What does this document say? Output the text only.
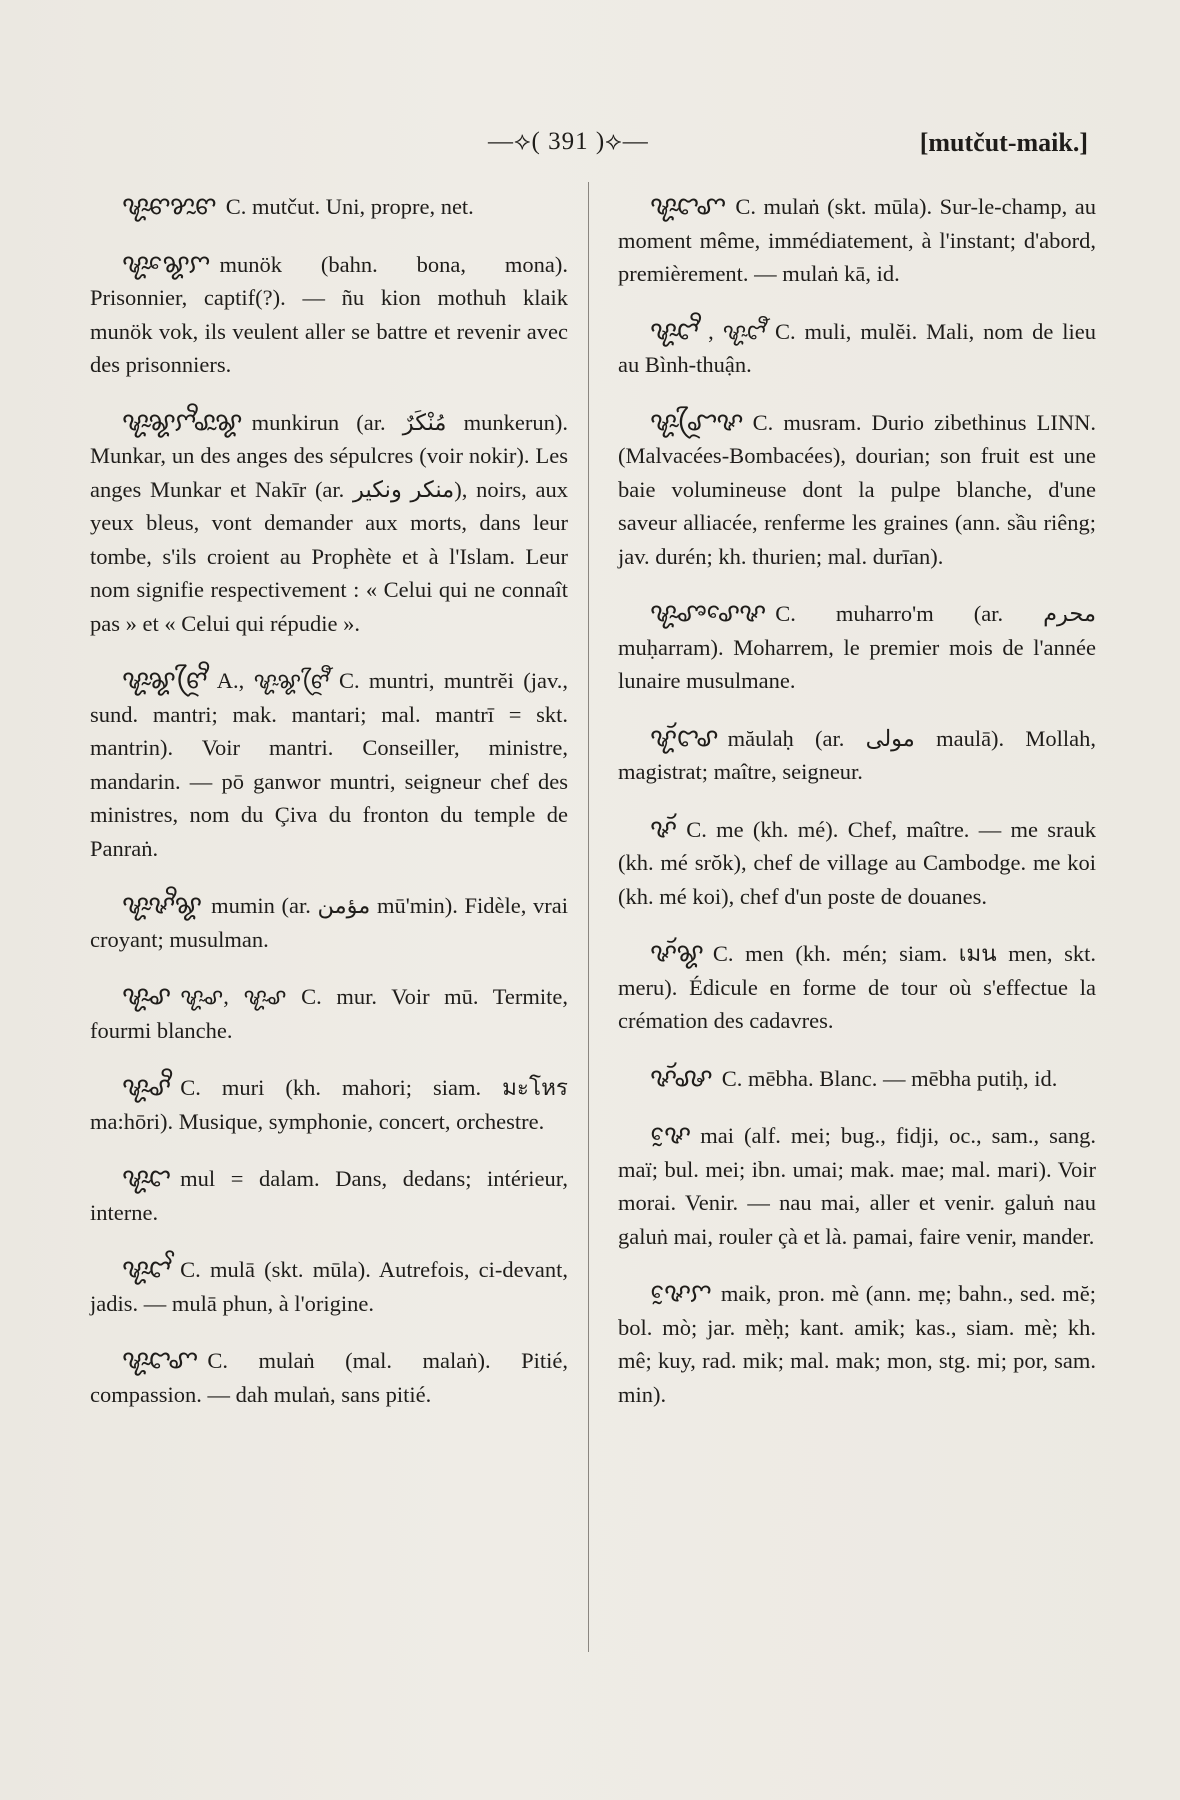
—⟡( 391 )⟡—	[mutčut-maik.]

ꨠꨭꨓꨌꨭꨓ C. mutčut. Uni, propre, net.

ꨠꨭꨘꨯꨆ munök (bahn. bona, mona). Prisonnier, captif(?). — ñu kion mothuh klaik munök vok, ils veulent aller se battre et revenir avec des prisonniers.

ꨠꨭꨘꨆꨪꨣꨭꨘ munkirun (ar. مُنْكَرٌ munkerun). Munkar, un des anges des sépulcres (voir nokir). Les anges Munkar et Nakīr (ar. منكر ونكير), noirs, aux yeux bleus, vont demander aux morts, dans leur tombe, s'ils croient au Prophète et à l'Islam. Leur nom signifie respectivement : « Celui qui ne connaît pas » et « Celui qui répudie ».

ꨠꨭꨘꨓꨴꨪ A., ꨠꨭꨘꨓꨴꨬ C. muntri, muntrĕi (jav., sund. mantri; mak. mantari; mal. mantrī = skt. mantrin). Voir mantri. Conseiller, ministre, mandarin. — pō ganwor muntri, seigneur chef des ministres, nom du Çiva du fronton du temple de Panraṅ.

ꨠꨭꨟꨪꨘ mumin (ar. مؤمن mū'min). Fidèle, vrai croyant; musulman.

ꨠꨭꨣ ꨠꨭꨣ, ꨠꨭꨣ C. mur. Voir mū. Termite, fourmi blanche.

ꨠꨭꨣꨪ C. muri (kh. mahori; siam. มะโหร ma:hōri). Musique, symphonie, concert, orchestre.

ꨠꨭꨤ mul = dalam. Dans, dedans; intérieur, interne.

ꨠꨭꨤꨩ C. mulā (skt. mūla). Autrefois, ci-devant, jadis. — mulā phun, à l'origine.

ꨠꨭꨤꨚ C. mulaṅ (mal. malaṅ). Pitié, compassion. — dah mulaṅ, sans pitié.

ꨠꨭꨤꨚ C. mulaṅ (skt. mūla). Sur-le-champ, au moment même, immédiatement, à l'instant; d'abord, premièrement. — mulaṅ kā, id.

ꨠꨭꨤꨪ , ꨠꨭꨤꨬ C. muli, mulĕi. Mali, nom de lieu au Bình-thuận.

ꨠꨭꨧꨴꨟ C. musram. Durio zibethinus LINN. (Malvacées-Bombacées), dourian; son fruit est une baie volumineuse dont la pulpe blanche, d'une saveur alliacée, renferme les graines (ann. sầu riêng; jav. durén; kh. thurien; mal. durīan).

ꨠꨭꨨꨣꨯꨟ C. muharro'm (ar. محرم muḥarram). Moharrem, le premier mois de l'année lunaire musulmane.

ꨠꨮꨤꨣ măulaḥ (ar. مولى maulā). Mollah, magistrat; maître, seigneur.

ꨟꨮ C. me (kh. mé). Chef, maître. — me srauk (kh. mé srŏk), chef de village au Cambodge. me koi (kh. mé koi), chef d'un poste de douanes.

ꨟꨮꨘ C. men (kh. mén; siam. เมน men, skt. meru). Édicule en forme de tour où s'effectue la crémation des cadavres.

ꨟꨮꨜ C. mēbha. Blanc. — mēbha putiḥ, id.

ꨟꨰ mai (alf. mei; bug., fidji, oc., sam., sang. maï; bul. mei; ibn. umai; mak. mae; mal. mari). Voir morai. Venir. — nau mai, aller et venir. galuṅ nau galuṅ mai, rouler çà et là. pamai, faire venir, mander.

ꨟꨰꨆ maik, pron. mè (ann. mẹ; bahn., sed. mĕ; bol. mò; jar. mèḥ; kant. amik; kas., siam. mè; kh. mê; kuy, rad. mik; mal. mak; mon, stg. mi; por, sam. min).
